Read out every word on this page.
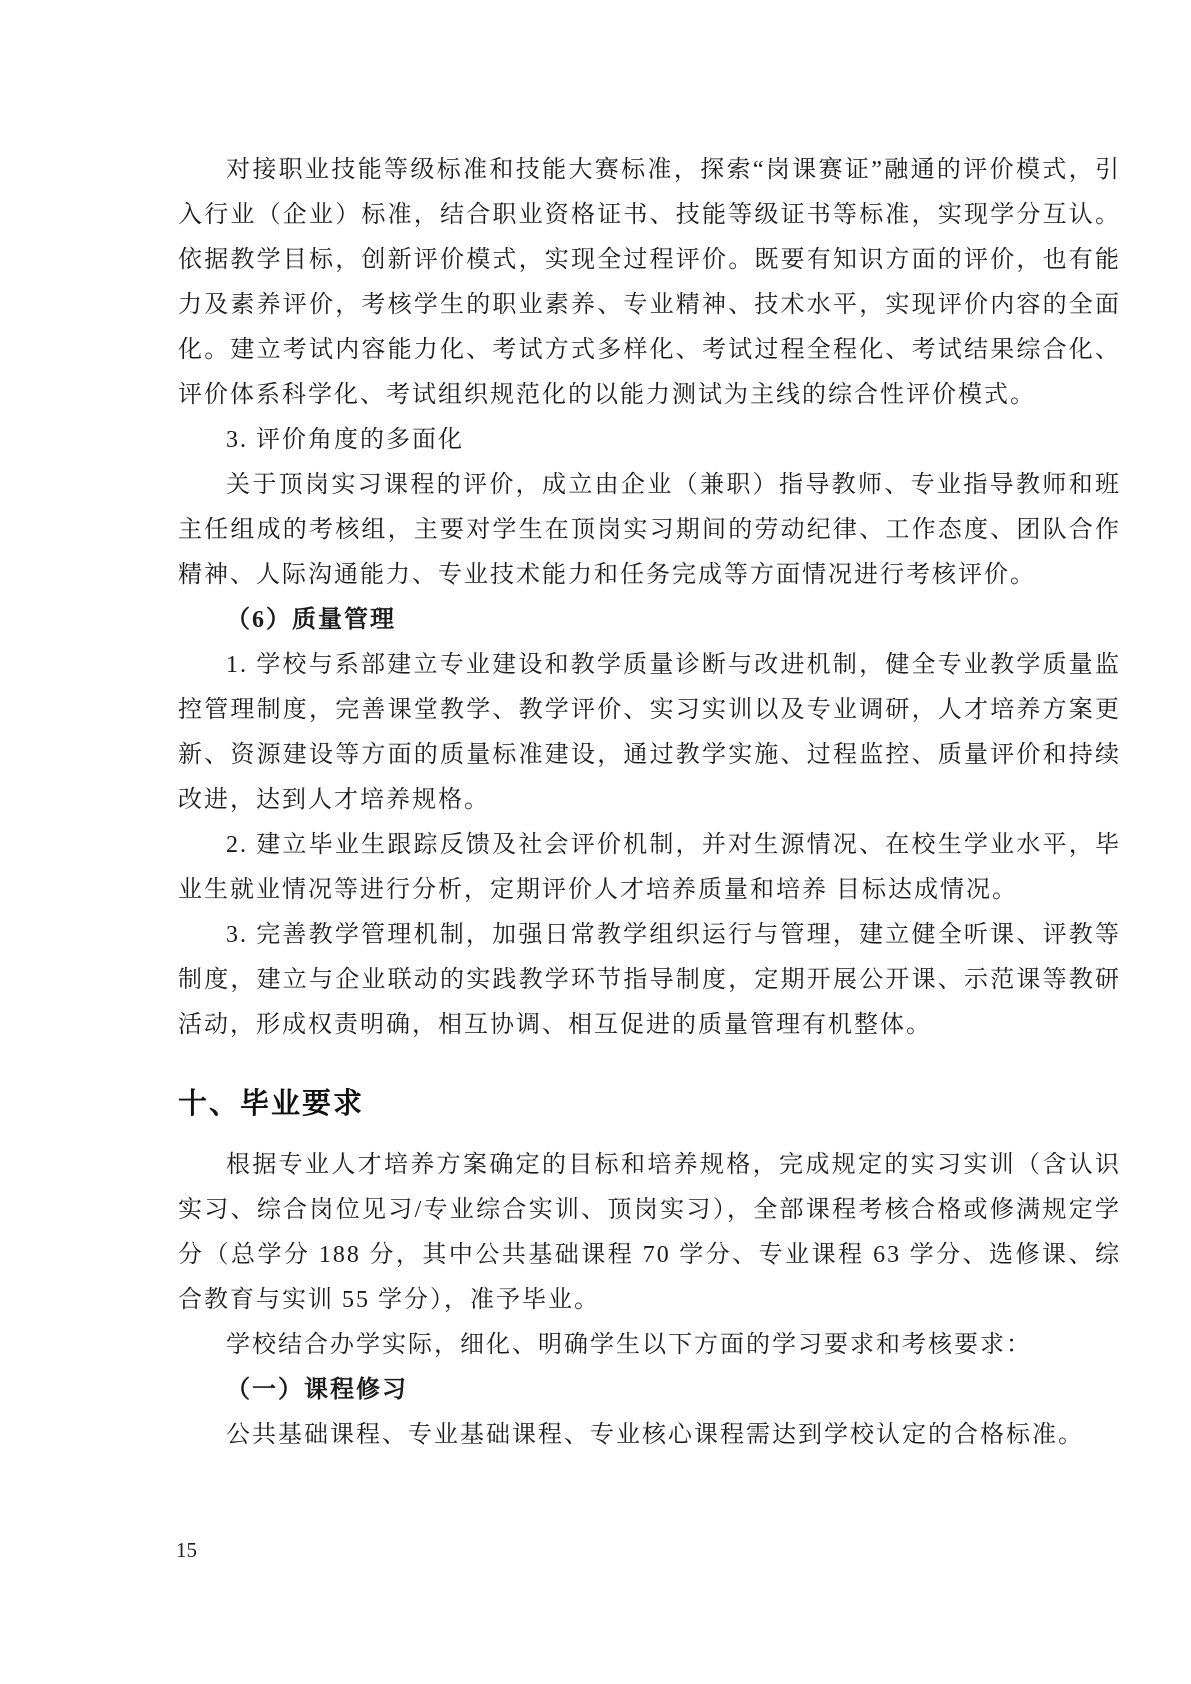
对接职业技能等级标准和技能大赛标准，探索“岗课赛证”融通的评价模式，引入行业（企业）标准，结合职业资格证书、技能等级证书等标准，实现学分互认。依据教学目标，创新评价模式，实现全过程评价。既要有知识方面的评价，也有能力及素养评价，考核学生的职业素养、专业精神、技术水平，实现评价内容的全面化。建立考试内容能力化、考试方式多样化、考试过程全程化、考试结果综合化、评价体系科学化、考试组织规范化的以能力测试为主线的综合性评价模式。

3. 评价角度的多面化

关于顶岗实习课程的评价，成立由企业（兼职）指导教师、专业指导教师和班主任组成的考核组，主要对学生在顶岗实习期间的劳动纪律、工作态度、团队合作精神、人际沟通能力、专业技术能力和任务完成等方面情况进行考核评价。

（6）质量管理

1. 学校与系部建立专业建设和教学质量诊断与改进机制，健全专业教学质量监控管理制度，完善课堂教学、教学评价、实习实训以及专业调研，人才培养方案更新、资源建设等方面的质量标准建设，通过教学实施、过程监控、质量评价和持续改进，达到人才培养规格。

2. 建立毕业生跟踪反馈及社会评价机制，并对生源情况、在校生学业水平，毕业生就业情况等进行分析，定期评价人才培养质量和培养 目标达成情况。

3. 完善教学管理机制，加强日常教学组织运行与管理，建立健全听课、评教等制度，建立与企业联动的实践教学环节指导制度，定期开展公开课、示范课等教研活动，形成权责明确，相互协调、相互促进的质量管理有机整体。

十、毕业要求

根据专业人才培养方案确定的目标和培养规格，完成规定的实习实训（含认识实习、综合岗位见习/专业综合实训、顶岗实习），全部课程考核合格或修满规定学分（总学分 188 分，其中公共基础课程 70 学分、专业课程 63 学分、选修课、综合教育与实训 55 学分），准予毕业。

学校结合办学实际，细化、明确学生以下方面的学习要求和考核要求：

（一）课程修习

公共基础课程、专业基础课程、专业核心课程需达到学校认定的合格标准。

15
